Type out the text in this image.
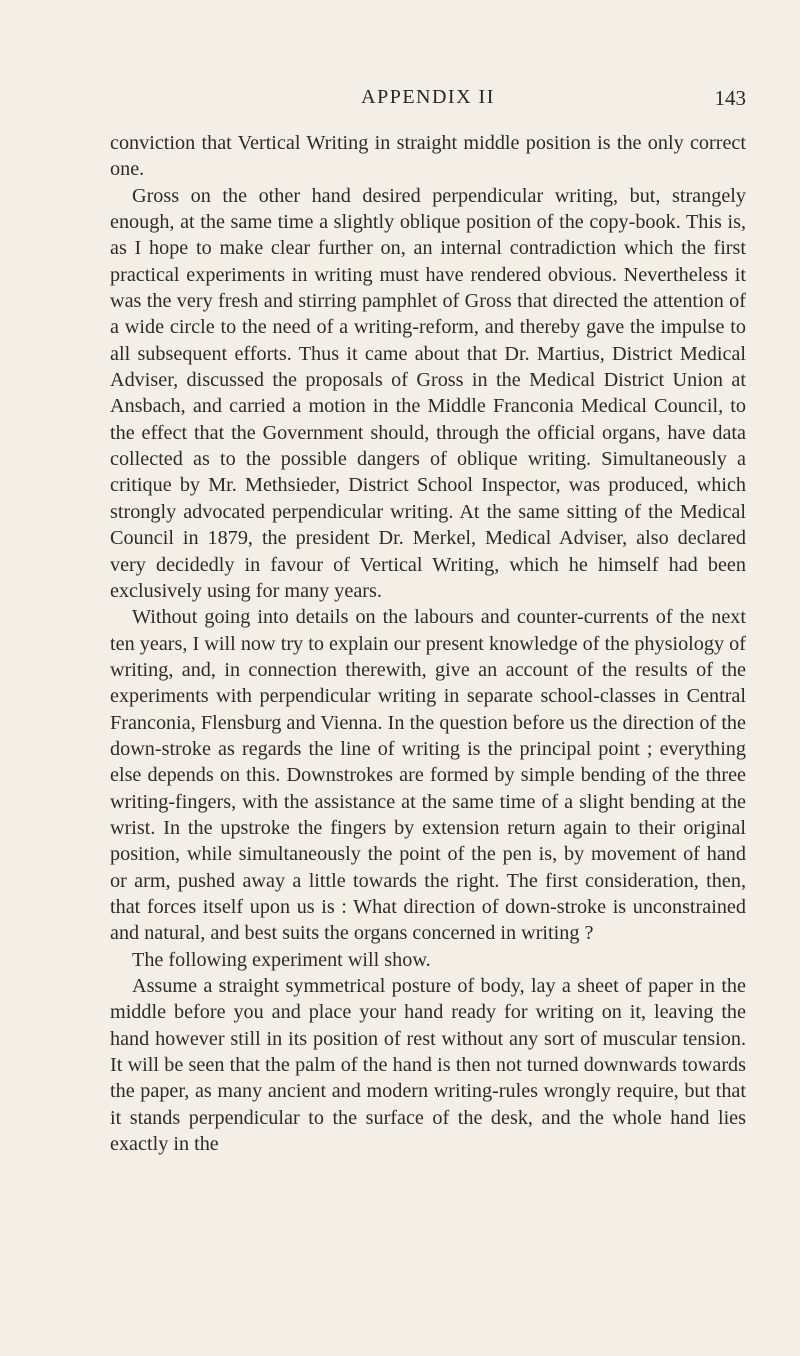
APPENDIX II	143

conviction that Vertical Writing in straight middle position is the only correct one.

Gross on the other hand desired perpendicular writing, but, strangely enough, at the same time a slightly oblique position of the copy-book. This is, as I hope to make clear further on, an internal contradiction which the first practical experiments in writing must have rendered obvious. Nevertheless it was the very fresh and stirring pamphlet of Gross that directed the attention of a wide circle to the need of a writing-reform, and thereby gave the impulse to all subsequent efforts. Thus it came about that Dr. Martius, District Medical Adviser, discussed the proposals of Gross in the Medical District Union at Ansbach, and carried a motion in the Middle Franconia Medical Council, to the effect that the Government should, through the official organs, have data collected as to the possible dangers of oblique writing. Simultaneously a critique by Mr. Methsieder, District School Inspector, was produced, which strongly advocated perpendicular writing. At the same sitting of the Medical Council in 1879, the president Dr. Merkel, Medical Adviser, also declared very decidedly in favour of Vertical Writing, which he himself had been exclusively using for many years.

Without going into details on the labours and counter-currents of the next ten years, I will now try to explain our present knowledge of the physiology of writing, and, in connection therewith, give an account of the results of the experiments with perpendicular writing in separate school-classes in Central Franconia, Flensburg and Vienna. In the question before us the direction of the down-stroke as regards the line of writing is the principal point ; everything else depends on this. Downstrokes are formed by simple bending of the three writing-fingers, with the assistance at the same time of a slight bending at the wrist. In the upstroke the fingers by extension return again to their original position, while simultaneously the point of the pen is, by movement of hand or arm, pushed away a little towards the right. The first consideration, then, that forces itself upon us is : What direction of down-stroke is unconstrained and natural, and best suits the organs concerned in writing ?

The following experiment will show.

Assume a straight symmetrical posture of body, lay a sheet of paper in the middle before you and place your hand ready for writing on it, leaving the hand however still in its position of rest without any sort of muscular tension. It will be seen that the palm of the hand is then not turned downwards towards the paper, as many ancient and modern writing-rules wrongly require, but that it stands perpendicular to the surface of the desk, and the whole hand lies exactly in the
